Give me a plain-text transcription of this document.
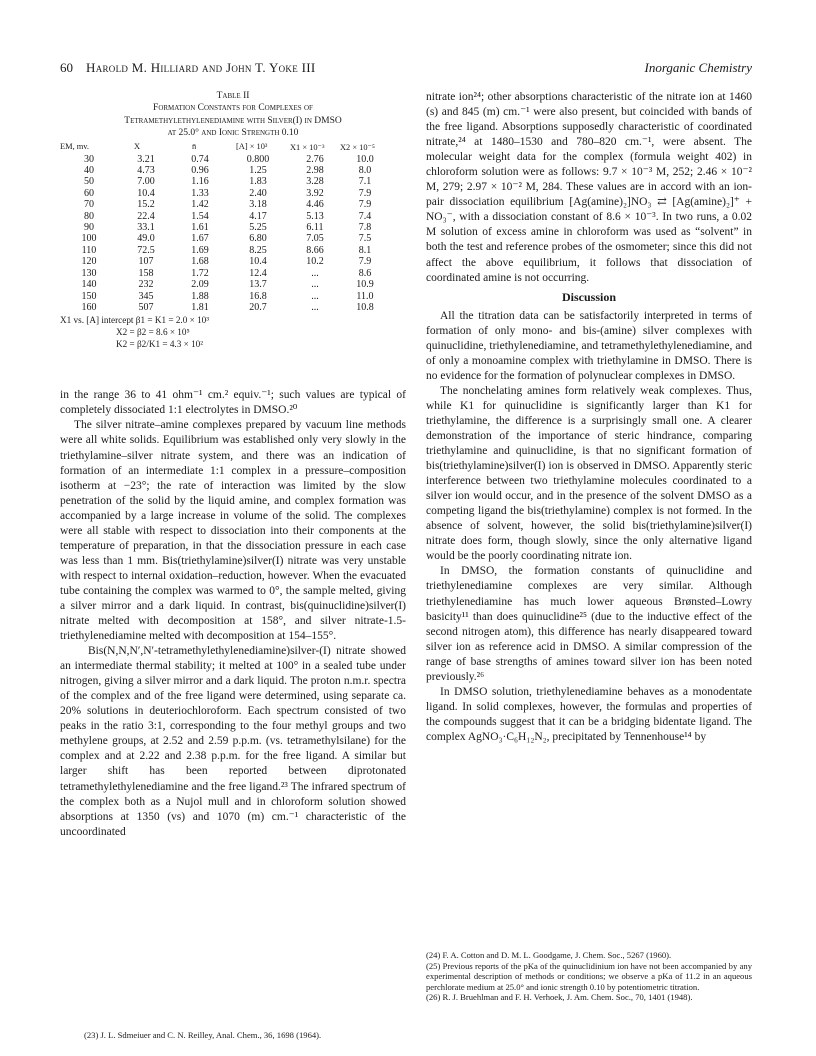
60 Harold M. Hilliard and John T. Yoke III	Inorganic Chemistry
Table II
Formation Constants for Complexes of
Tetramethylethylenediamine with Silver(I) in DMSO
at 25.0° and Ionic Strength 0.10
EM, mv.	X	n̄	[A] × 10³	X1 × 10⁻³	X2 × 10⁻⁵
30	3.21	0.74	0.800	2.76	10.0
40	4.73	0.96	1.25	2.98	8.0
50	7.00	1.16	1.83	3.28	7.1
60	10.4	1.33	2.40	3.92	7.9
70	15.2	1.42	3.18	4.46	7.9
80	22.4	1.54	4.17	5.13	7.4
90	33.1	1.61	5.25	6.11	7.8
100	49.0	1.67	6.80	7.05	7.5
110	72.5	1.69	8.25	8.66	8.1
120	107	1.68	10.4	10.2	7.9
130	158	1.72	12.4	...	8.6
140	232	2.09	13.7	...	10.9
150	345	1.88	16.8	...	11.0
160	507	1.81	20.7	...	10.8
X1 vs. [A] intercept β1 = K1 = 2.0 × 10³
X2 = β2 = 8.6 × 10⁵
K2 = β2/K1 = 4.3 × 10²

in the range 36 to 41 ohm⁻¹ cm.² equiv.⁻¹; such values are typical of completely dissociated 1:1 electrolytes in DMSO.²⁰

The silver nitrate–amine complexes prepared by vacuum line methods were all white solids. Equilibrium was established only very slowly in the triethylamine–silver nitrate system, and there was an indication of formation of an intermediate 1:1 complex in a pressure–composition isotherm at −23°; the rate of interaction was limited by the slow penetration of the solid by the liquid amine, and complex formation was accompanied by a large increase in volume of the solid. The complexes were all stable with respect to dissociation into their components at the temperature of preparation, in that the dissociation pressure in each case was less than 1 mm. Bis(triethylamine)silver(I) nitrate was very unstable with respect to internal oxidation–reduction, however. When the evacuated tube containing the complex was warmed to 0°, the sample melted, giving a silver mirror and a dark liquid. In contrast, bis(quinuclidine)silver(I) nitrate melted with decomposition at 158°, and silver nitrate-1.5-triethylenediamine melted with decomposition at 154–155°.

Bis(N,N,N′,N′-tetramethylethylenediamine)silver-(I) nitrate showed an intermediate thermal stability; it melted at 100° in a sealed tube under nitrogen, giving a silver mirror and a dark liquid. The proton n.m.r. spectra of the complex and of the free ligand were determined, using separate ca. 20% solutions in deuteriochloroform. Each spectrum consisted of two peaks in the ratio 3:1, corresponding to the four methyl groups and two methylene groups, at 2.52 and 2.59 p.p.m. (vs. tetramethylsilane) for the complex and at 2.22 and 2.38 p.p.m. for the free ligand. A similar but larger shift has been reported between diprotonated tetramethylethylenediamine and the free ligand.²³ The infrared spectrum of the complex both as a Nujol mull and in chloroform solution showed absorptions at 1350 (vs) and 1070 (m) cm.⁻¹ characteristic of the uncoordinated

(23) J. L. Sdmeiuer and C. N. Reilley, Anal. Chem., 36, 1698 (1964).

nitrate ion²⁴; other absorptions characteristic of the nitrate ion at 1460 (s) and 845 (m) cm.⁻¹ were also present, but coincided with bands of the free ligand. Absorptions supposedly characteristic of coordinated nitrate,²⁴ at 1480–1530 and 780–820 cm.⁻¹, were absent. The molecular weight data for the complex (formula weight 402) in chloroform solution were as follows: 9.7 × 10⁻³ M, 252; 2.46 × 10⁻² M, 279; 2.97 × 10⁻² M, 284. These values are in accord with an ion-pair dissociation equilibrium [Ag(amine)₂]NO₃ ⇄ [Ag(amine)₂]⁺ + NO₃⁻, with a dissociation constant of 8.6 × 10⁻³. In two runs, a 0.02 M solution of excess amine in chloroform was used as “solvent” in both the test and reference probes of the osmometer; since this did not affect the above equilibrium, it follows that dissociation of coordinated amine is not occurring.

Discussion

All the titration data can be satisfactorily interpreted in terms of formation of only mono- and bis-(amine) silver complexes with quinuclidine, triethylenediamine, and tetramethylethylenediamine, and of only a monoamine complex with triethylamine in DMSO. There is no evidence for the formation of polynuclear complexes in DMSO.

The nonchelating amines form relatively weak complexes. Thus, while K1 for quinuclidine is significantly larger than K1 for triethylamine, the difference is a surprisingly small one. A clearer demonstration of the importance of steric hindrance, comparing triethylamine and quinuclidine, is that no significant formation of bis(triethylamine)silver(I) ion is observed in DMSO. Apparently steric interference between two triethylamine molecules coordinated to a silver ion would occur, and in the presence of the solvent DMSO as a competing ligand the bis(triethylamine) complex is not formed. In the absence of solvent, however, the solid bis(triethylamine)silver(I) nitrate does form, though slowly, since the only alternative ligand would be the poorly coordinating nitrate ion.

In DMSO, the formation constants of quinuclidine and triethylenediamine complexes are very similar. Although triethylenediamine has much lower aqueous Brønsted–Lowry basicity¹¹ than does quinuclidine²⁵ (due to the inductive effect of the second nitrogen atom), this difference has nearly disappeared toward silver ion as reference acid in DMSO. A similar compression of the range of base strengths of amines toward silver ion has been noted previously.²⁶

In DMSO solution, triethylenediamine behaves as a monodentate ligand. In solid complexes, however, the formulas and properties of the compounds suggest that it can be a bridging bidentate ligand. The complex AgNO₃·C₆H₁₂N₂, precipitated by Tennenhouse¹⁴ by

(24) F. A. Cotton and D. M. L. Goodgame, J. Chem. Soc., 5267 (1960).
(25) Previous reports of the pKa of the quinuclidinium ion have not been accompanied by any experimental description of methods or conditions; we observe a pKa of 11.2 in an aqueous perchlorate medium at 25.0° and ionic strength 0.10 by potentiometric titration.
(26) R. J. Bruehlman and F. H. Verhoek, J. Am. Chem. Soc., 70, 1401 (1948).
